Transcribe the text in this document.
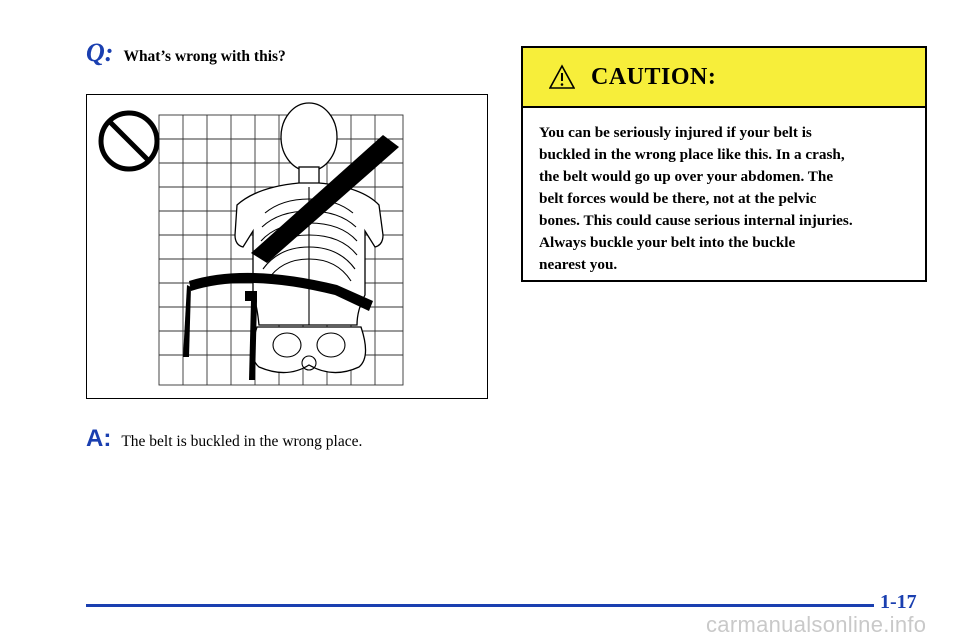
Q: What’s wrong with this?
A: The belt is buckled in the wrong place.
CAUTION:
You can be seriously injured if your belt is
buckled in the wrong place like this. In a crash,
the belt would go up over your abdomen. The
belt forces would be there, not at the pelvic
bones. This could cause serious internal injuries.
Always buckle your belt into the buckle
nearest you.
1-17
carmanualsonline.info
